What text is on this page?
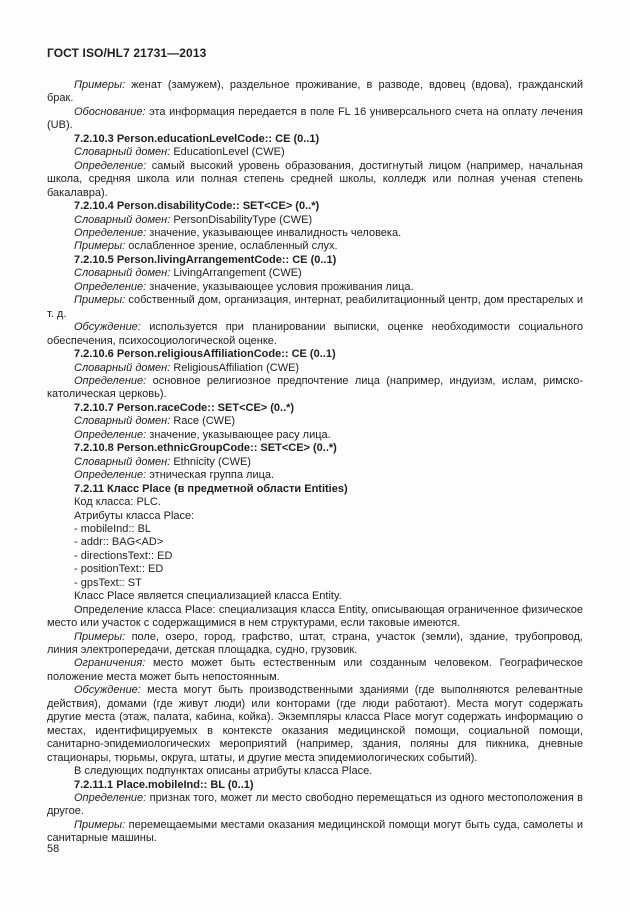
ГОСТ ISO/HL7 21731—2013

Примеры: женат (замужем), раздельное проживание, в разводе, вдовец (вдова), гражданский брак.

Обоснование: эта информация передается в поле FL 16 универсального счета на оплату лечения (UB).

7.2.10.3 Person.educationLevelCode:: CE (0..1)

Словарный домен: EducationLevel (CWE)

Определение: самый высокий уровень образования, достигнутый лицом (например, начальная школа, средняя школа или полная степень средней школы, колледж или полная ученая степень бакалавра).

7.2.10.4 Person.disabilityCode:: SET<CE> (0..*)

Словарный домен: PersonDisabilityType (CWE)

Определение: значение, указывающее инвалидность человека.

Примеры: ослабленное зрение, ослабленный слух.

7.2.10.5 Person.livingArrangementCode:: CE (0..1)

Словарный домен: LivingArrangement (CWE)

Определение: значение, указывающее условия проживания лица.

Примеры: собственный дом, организация, интернат, реабилитационный центр, дом престарелых и т. д.

Обсуждение: используется при планировании выписки, оценке необходимости социального обеспечения, психосоциологической оценке.

7.2.10.6 Person.religiousAffiliationCode:: CE (0..1)

Словарный домен: ReligiousAffiliation (CWE)

Определение: основное религиозное предпочтение лица (например, индуизм, ислам, римско-католическая церковь).

7.2.10.7 Person.raceCode:: SET<CE> (0..*)

Словарный домен: Race (CWE)

Определение: значение, указывающее расу лица.

7.2.10.8 Person.ethnicGroupCode:: SET<CE> (0..*)

Словарный домен: Ethnicity (CWE)

Определение: этническая группа лица.

7.2.11 Класс Place (в предметной области Entities)

Код класса: PLC.

Атрибуты класса Place:

- mobileInd:: BL

- addr:: BAG<AD>

- directionsText:: ED

- positionText:: ED

- gpsText:: ST

Класс Place является специализацией класса Entity.

Определение класса Place: специализация класса Entity, описывающая ограниченное физическое место или участок с содержащимися в нем структурами, если таковые имеются.

Примеры: поле, озеро, город, графство, штат, страна, участок (земли), здание, трубопровод, линия электропередачи, детская площадка, судно, грузовик.

Ограничения: место может быть естественным или созданным человеком. Географическое положение места может быть непостоянным.

Обсуждение: места могут быть производственными зданиями (где выполняются релевантные действия), домами (где живут люди) или конторами (где люди работают). Места могут содержать другие места (этаж, палата, кабина, койка). Экземпляры класса Place могут содержать информацию о местах, идентифицируемых в контексте оказания медицинской помощи, социальной помощи, санитарно-эпидемиологических мероприятий (например, здания, поляны для пикника, дневные стационары, тюрьмы, округа, штаты, и другие места эпидемиологических событий).

В следующих подпунктах описаны атрибуты класса Place.

7.2.11.1 Place.mobileInd:: BL (0..1)

Определение: признак того, может ли место свободно перемещаться из одного местоположения в другое.

Примеры: перемещаемыми местами оказания медицинской помощи могут быть суда, самолеты и санитарные машины.

58
